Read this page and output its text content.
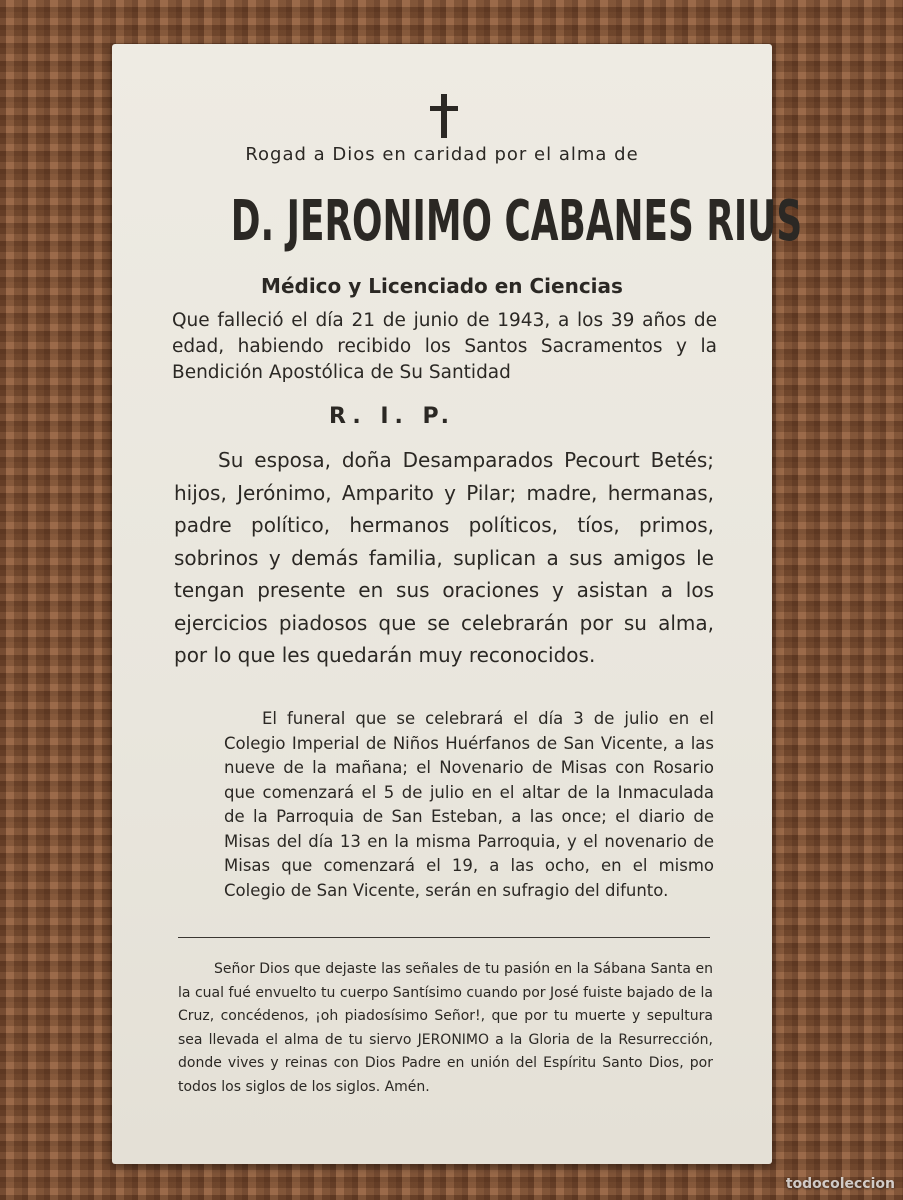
Rogad a Dios en caridad por el alma de
D. JERONIMO CABANES RIUS
Médico y Licenciado en Ciencias
Que falleció el día 21 de junio de 1943, a los 39 años de edad, habiendo recibido los Santos Sacramentos y la Bendición Apostólica de Su Santidad
R. I. P.
Su esposa, doña Desamparados Pecourt Betés; hijos, Jerónimo, Amparito y Pilar; madre, hermanas, padre político, hermanos políticos, tíos, primos, sobrinos y demás familia, suplican a sus amigos le tengan presente en sus oraciones y asistan a los ejercicios piadosos que se celebrarán por su alma, por lo que les quedarán muy reconocidos.
El funeral que se celebrará el día 3 de julio en el Colegio Imperial de Niños Huérfanos de San Vicente, a las nueve de la mañana; el Novenario de Misas con Rosario que comenzará el 5 de julio en el altar de la Inmaculada de la Parroquia de San Esteban, a las once; el diario de Misas del día 13 en la misma Parroquia, y el novenario de Misas que comenzará el 19, a las ocho, en el mismo Colegio de San Vicente, serán en sufragio del difunto.
Señor Dios que dejaste las señales de tu pasión en la Sábana Santa en la cual fué envuelto tu cuerpo Santísimo cuando por José fuiste bajado de la Cruz, concédenos, ¡oh piadosísimo Señor!, que por tu muerte y sepultura sea llevada el alma de tu siervo JERONIMO a la Gloria de la Resurrección, donde vives y reinas con Dios Padre en unión del Espíritu Santo Dios, por todos los siglos de los siglos. Amén.
todocoleccion
